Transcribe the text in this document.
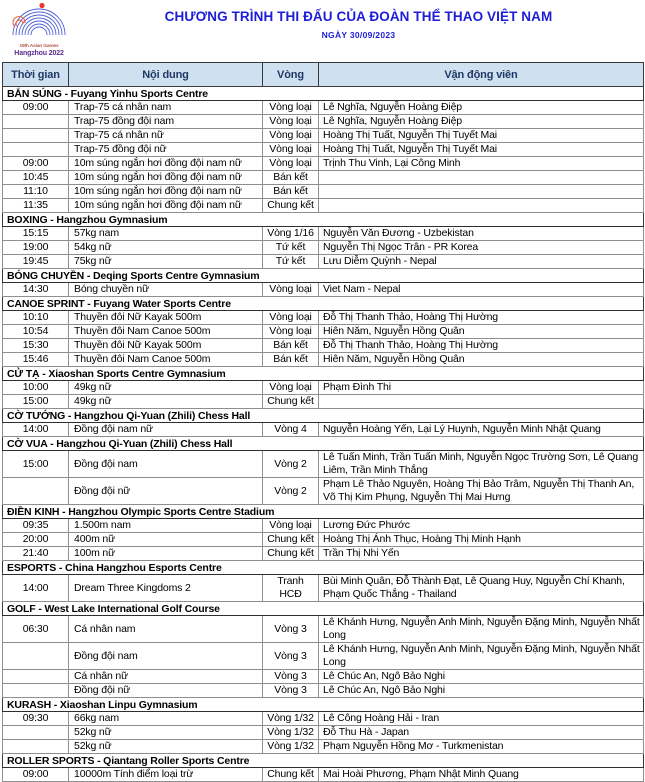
19th Asian Games
Hangzhou 2022
CHƯƠNG TRÌNH THI ĐẤU CỦA ĐOÀN THỂ THAO VIỆT NAM
NGÀY 30/09/2023
Thời gian	Nội dung	Vòng	Vận động viên
BẮN SÚNG - Fuyang Yinhu Sports Centre			
09:00	Trap-75 cá nhân nam	Vòng loại	Lê Nghĩa, Nguyễn Hoàng Điệp
	Trap-75 đồng đội nam	Vòng loại	Lê Nghĩa, Nguyễn Hoàng Điệp
	Trap-75 cá nhân nữ	Vòng loại	Hoàng Thị Tuất, Nguyễn Thị Tuyết Mai
	Trap-75 đồng đội nữ	Vòng loại	Hoàng Thị Tuất, Nguyễn Thị Tuyết Mai
09:00	10m súng ngắn hơi đồng đội nam nữ	Vòng loại	Trịnh Thu Vinh, Lại Công Minh
10:45	10m súng ngắn hơi đồng đội nam nữ	Bán kết	
11:10	10m súng ngắn hơi đồng đội nam nữ	Bán kết	
11:35	10m súng ngắn hơi đồng đội nam nữ	Chung kết	
BOXING - Hangzhou Gymnasium			
15:15	57kg nam	Vòng 1/16	Nguyễn Văn Đương - Uzbekistan
19:00	54kg nữ	Tứ kết	Nguyễn Thị Ngọc Trân - PR Korea
19:45	75kg nữ	Tứ kết	Lưu Diễm Quỳnh - Nepal
BÓNG CHUYỀN - Deqing Sports Centre Gymnasium			
14:30	Bóng chuyền nữ	Vòng loại	Viet Nam - Nepal
CANOE SPRINT - Fuyang Water Sports Centre			
10:10	Thuyền đôi Nữ Kayak 500m	Vòng loại	Đỗ Thị Thanh Thảo, Hoàng Thị Hường
10:54	Thuyền đôi Nam Canoe 500m	Vòng loại	Hiên Năm, Nguyễn Hồng Quân
15:30	Thuyền đôi Nữ Kayak 500m	Bán kết	Đỗ Thị Thanh Thảo, Hoàng Thị Hường
15:46	Thuyền đôi Nam Canoe 500m	Bán kết	Hiên Năm, Nguyễn Hồng Quân
CỬ TẠ - Xiaoshan Sports Centre Gymnasium			
10:00	49kg nữ	Vòng loại	Phạm Đình Thi
15:00	49kg nữ	Chung kết	
CỜ TƯỚNG - Hangzhou Qi-Yuan (Zhili) Chess Hall			
14:00	Đồng đội nam nữ	Vòng 4	Nguyễn Hoàng Yến, Lại Lý Huynh, Nguyễn Minh Nhật Quang
CỜ VUA - Hangzhou Qi-Yuan (Zhili) Chess Hall			
15:00	Đồng đội nam	Vòng 2	Lê Tuấn Minh, Trần Tuấn Minh, Nguyễn Ngọc Trường Sơn, Lê Quang Liêm, Trần Minh Thắng
	Đồng đội nữ	Vòng 2	Phạm Lê Thảo Nguyên, Hoàng Thị Bảo Trâm, Nguyễn Thị Thanh An, Võ Thị Kim Phụng, Nguyễn Thị Mai Hưng
ĐIỀN KINH - Hangzhou Olympic Sports Centre Stadium			
09:35	1.500m nam	Vòng loại	Lương Đức Phước
20:00	400m nữ	Chung kết	Hoàng Thị Ánh Thục, Hoàng Thị Minh Hạnh
21:40	100m nữ	Chung kết	Trần Thị Nhi Yến
ESPORTS - China Hangzhou Esports Centre			
14:00	Dream Three Kingdoms 2	Tranh HCĐ	Bùi Minh Quân, Đỗ Thành Đạt, Lê Quang Huy, Nguyễn Chí Khanh, Phạm Quốc Thắng - Thailand
GOLF - West Lake International Golf Course			
06:30	Cá nhân nam	Vòng 3	Lê Khánh Hưng, Nguyễn Anh Minh, Nguyễn Đặng Minh, Nguyễn Nhất Long
	Đồng đội nam	Vòng 3	Lê Khánh Hưng, Nguyễn Anh Minh, Nguyễn Đặng Minh, Nguyễn Nhất Long
	Cá nhân nữ	Vòng 3	Lê Chúc An, Ngô Bảo Nghi
	Đồng đội nữ	Vòng 3	Lê Chúc An, Ngô Bảo Nghi
KURASH - Xiaoshan Linpu Gymnasium			
09:30	66kg nam	Vòng 1/32	Lê Công Hoàng Hải - Iran
	52kg nữ	Vòng 1/32	Đỗ Thu Hà - Japan
	52kg nữ	Vòng 1/32	Phạm Nguyễn Hồng Mơ - Turkmenistan
ROLLER SPORTS - Qiantang Roller Sports Centre			
09:00	10000m Tính điểm loại trừ	Chung kết	Mai Hoài Phương, Phạm Nhật Minh Quang
